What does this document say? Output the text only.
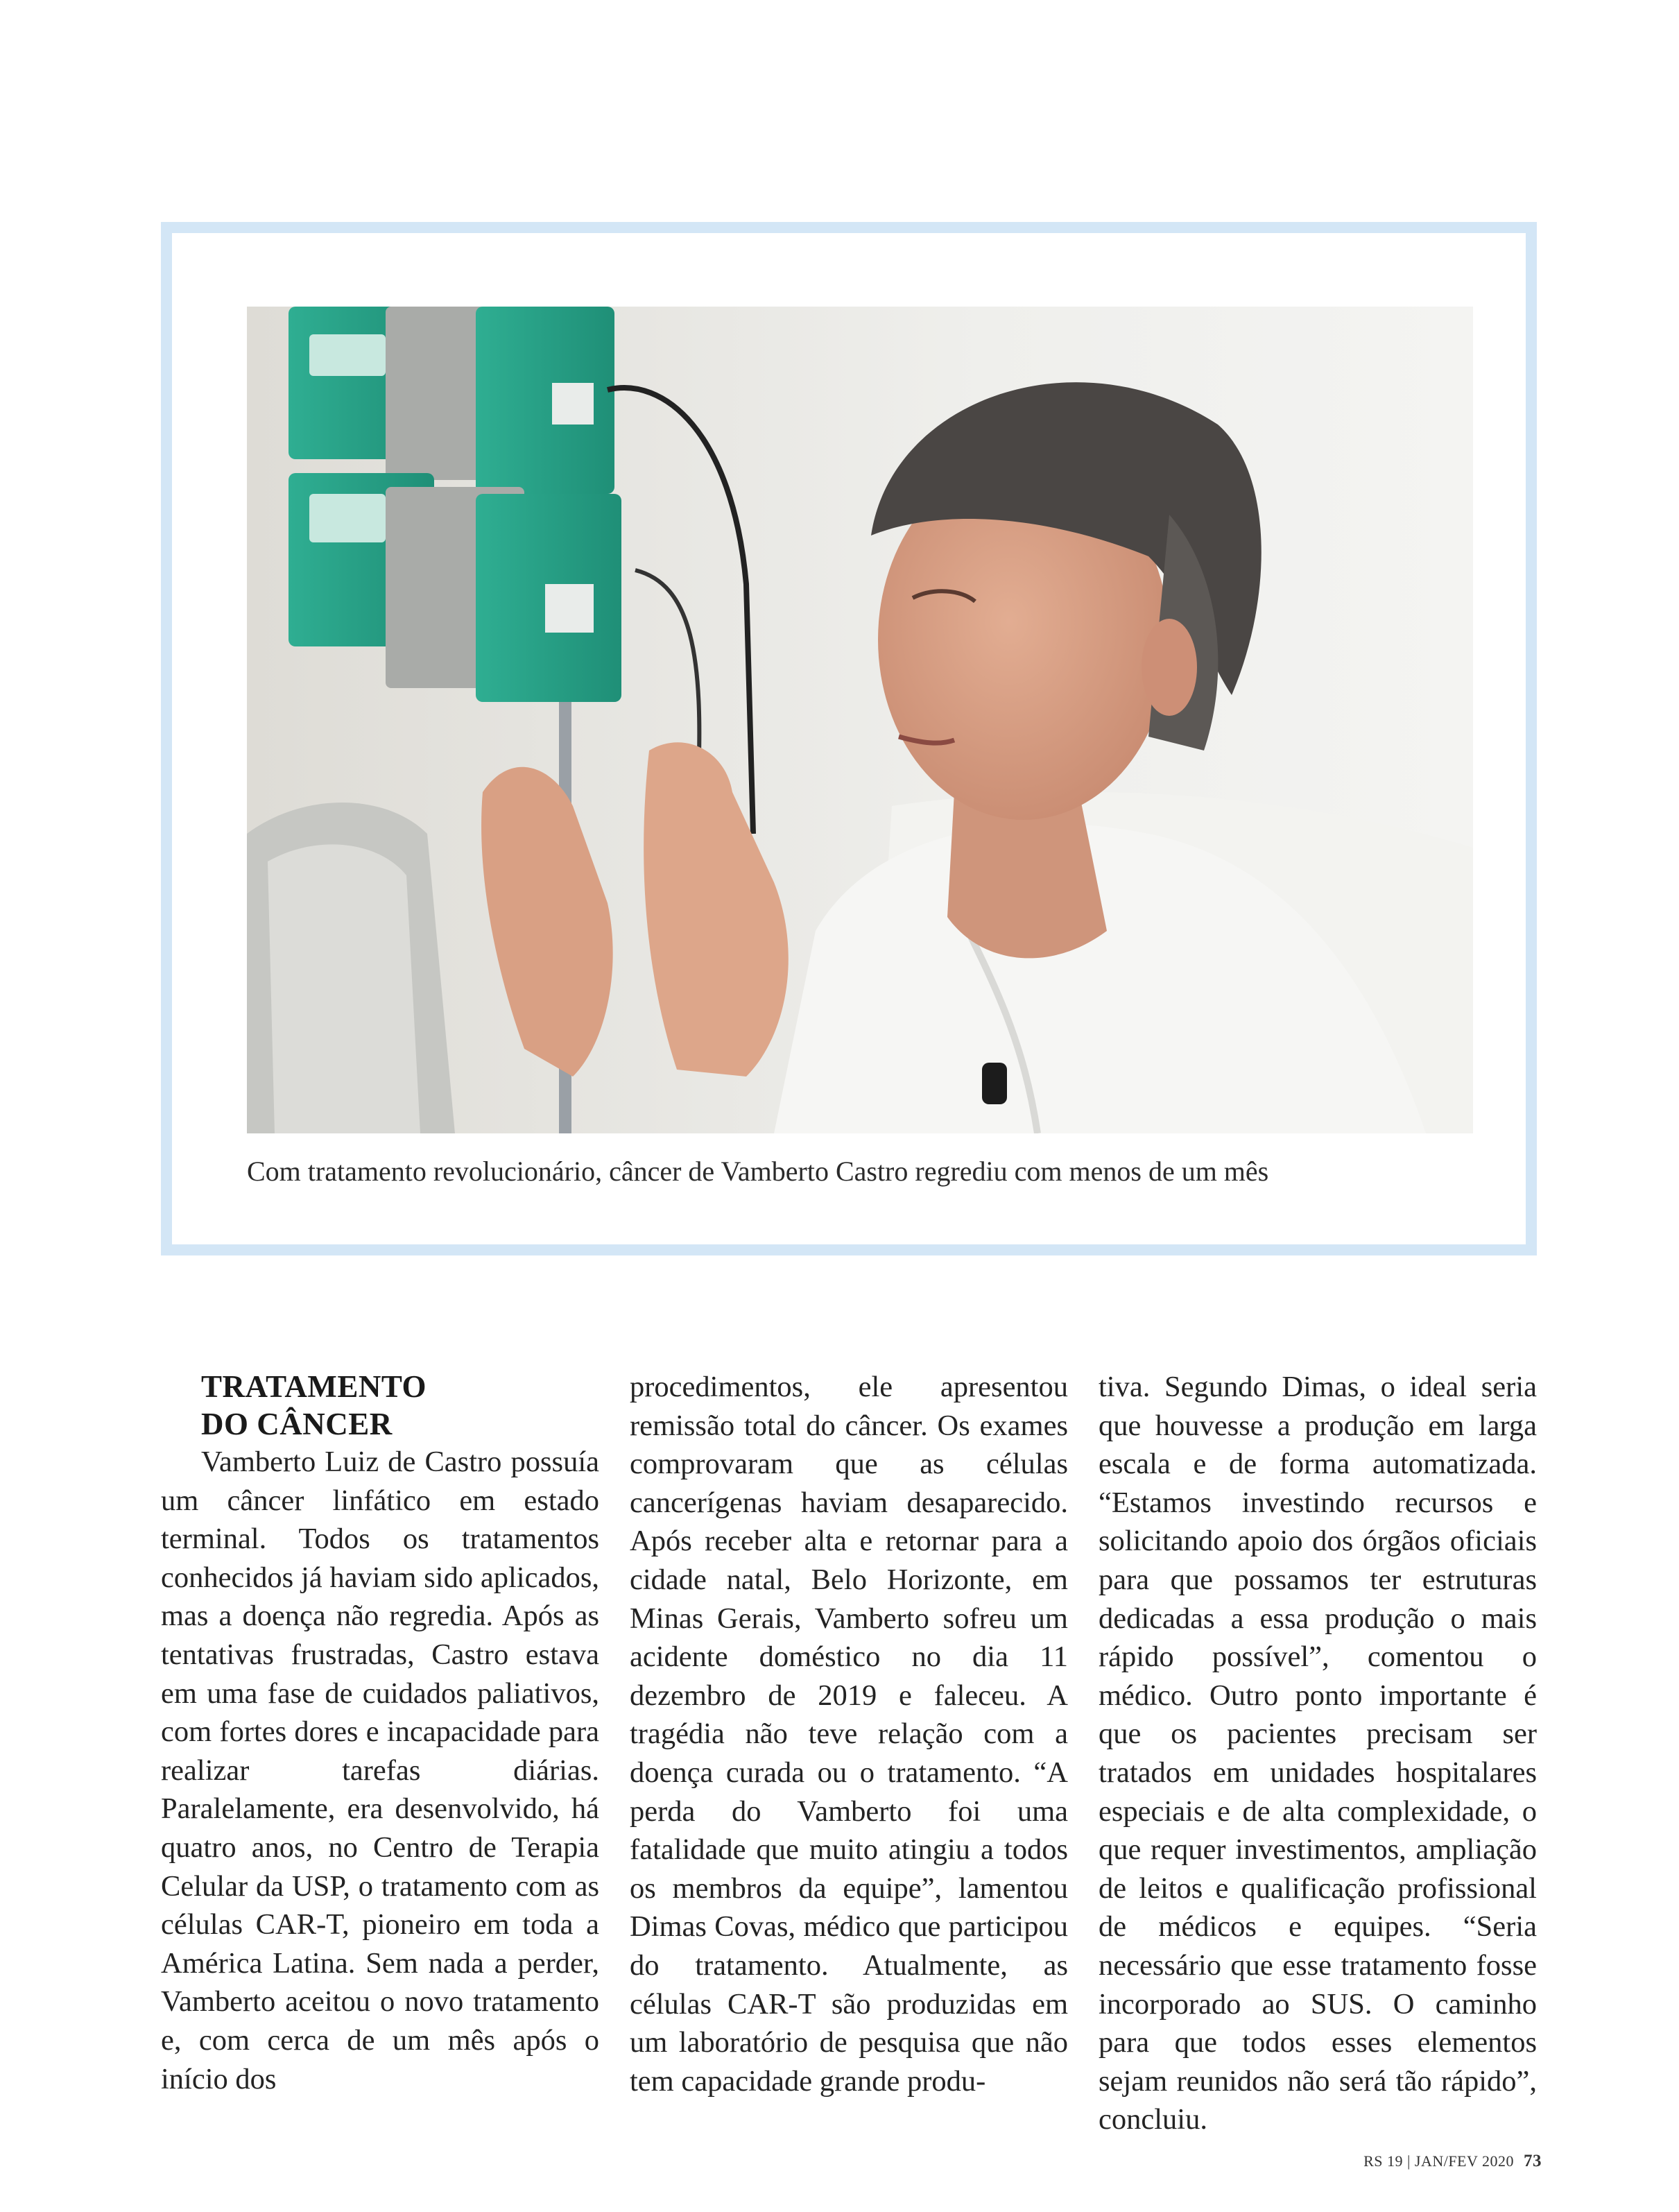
Com tratamento revolucionário, câncer de Vamberto Castro regrediu com menos de um mês
TRATAMENTO
DO CÂNCER

Vamberto Luiz de Castro possuía um câncer linfático em estado terminal. Todos os tratamentos conhecidos já haviam sido aplicados, mas a doença não regredia. Após as tentativas frustradas, Castro estava em uma fase de cuidados paliativos, com fortes dores e incapacidade para realizar tarefas diárias. Paralelamente, era desenvolvido, há quatro anos, no Centro de Terapia Celular da USP, o tratamento com as células CAR-T, pioneiro em toda a América Latina. Sem nada a perder, Vamberto aceitou o novo tratamento e, com cerca de um mês após o início dos

procedimentos, ele apresentou remissão total do câncer. Os exames comprovaram que as células cancerígenas haviam desaparecido. Após receber alta e retornar para a cidade natal, Belo Horizonte, em Minas Gerais, Vamberto sofreu um acidente doméstico no dia 11 dezembro de 2019 e faleceu. A tragédia não teve relação com a doença curada ou o tratamento. “A perda do Vamberto foi uma fatalidade que muito atingiu a todos os membros da equipe”, lamentou Dimas Covas, médico que participou do tratamento. Atualmente, as células CAR-T são produzidas em um laboratório de pesquisa que não tem capacidade grande produ-

tiva. Segundo Dimas, o ideal seria que houvesse a produção em larga escala e de forma automatizada. “Estamos investindo recursos e solicitando apoio dos órgãos oficiais para que possamos ter estruturas dedicadas a essa produção o mais rápido possível”, comentou o médico. Outro ponto importante é que os pacientes precisam ser tratados em unidades hospitalares especiais e de alta complexidade, o que requer investimentos, ampliação de leitos e qualificação profissional de médicos e equipes. “Seria necessário que esse tratamento fosse incorporado ao SUS. O caminho para que todos esses elementos sejam reunidos não será tão rápido”, concluiu.

RS 19 | JAN/FEV 2020 73
